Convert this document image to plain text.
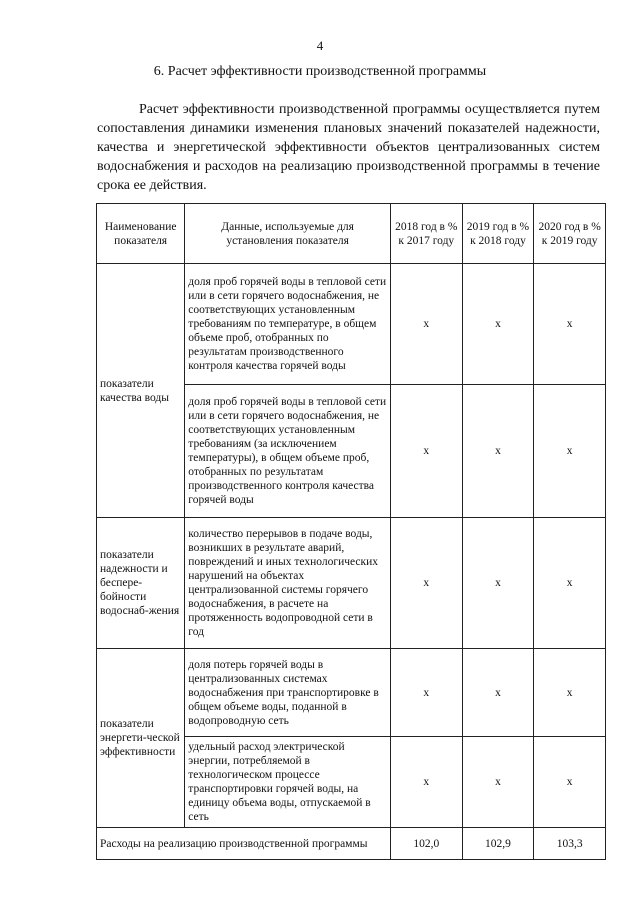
4
6. Расчет эффективности производственной программы

Расчет эффективности производственной программы осуществляется путем сопоставления динамики изменения плановых значений показателей надежности, качества и энергетической эффективности объектов централизованных систем водоснабжения и расходов на реализацию производственной программы в течение срока ее действия.

Наименование показателя	Данные, используемые для установления показателя	2018 год в % к 2017 году	2019 год в % к 2018 году	2020 год в % к 2019 году
показатели качества воды	доля проб горячей воды в тепловой сети или в сети горячего водоснабжения, не соответствующих установленным требованиям по температуре, в общем объеме проб, отобранных по результатам производственного контроля качества горячей воды	x	x	x
	доля проб горячей воды в тепловой сети или в сети горячего водоснабжения, не соответствующих установленным требованиям (за исключением температуры), в общем объеме проб, отобранных по результатам производственного контроля качества горячей воды	x	x	x
показатели надежности и беспере-бойности водоснаб-жения	количество перерывов в подаче воды, возникших в результате аварий, повреждений и иных технологических нарушений на объектах централизованной системы горячего водоснабжения, в расчете на протяженность водопроводной сети в год	x	x	x
показатели энергети-ческой эффективности	доля потерь горячей воды в централизованных системах водоснабжения при транспортировке в общем объеме воды, поданной в водопроводную сеть	x	x	x
	удельный расход электрической энергии, потребляемой в технологическом процессе транспортировки горячей воды, на единицу объема воды, отпускаемой в сеть	x	x	x
Расходы на реализацию производственной программы		102,0	102,9	103,3
